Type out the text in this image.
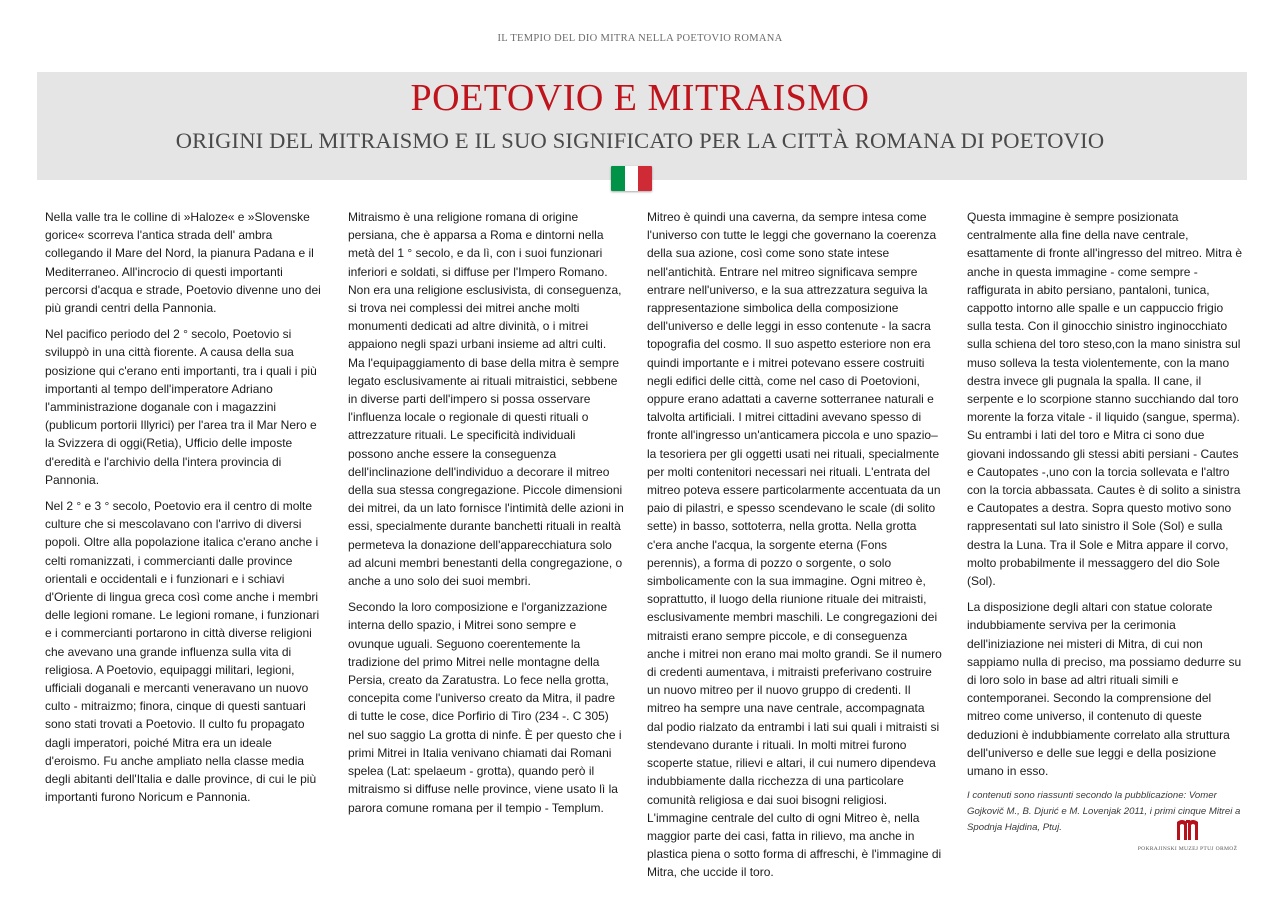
IL TEMPIO DEL DIO MITRA NELLA POETOVIO ROMANA
POETOVIO E MITRAISMO
ORIGINI DEL MITRAISMO E IL SUO SIGNIFICATO PER LA CITTÀ ROMANA DI POETOVIO

Nella valle tra le colline di »Haloze« e »Slovenske gorice« scorreva l'antica strada dell' ambra collegando il Mare del Nord, la pianura Padana e il Mediterraneo. All'incrocio di questi importanti percorsi d'acqua e strade, Poetovio divenne uno dei più grandi centri della Pannonia.

Nel pacifico periodo del 2 ° secolo, Poetovio si sviluppò in una città fiorente. A causa della sua posizione qui c'erano enti importanti, tra i quali i più importanti al tempo dell'imperatore Adriano l'amministrazione doganale con i magazzini (publicum portorii Illyrici) per l'area tra il Mar Nero e la Svizzera di oggi(Retia), Ufficio delle imposte d'eredità e l'archivio della l'intera provincia di Pannonia.

Nel 2 ° e 3 ° secolo, Poetovio era il centro di molte culture che si mescolavano con l'arrivo di diversi popoli. Oltre alla popolazione italica c'erano anche i celti romanizzati, i commercianti dalle province orientali e occidentali e i funzionari e i schiavi d'Oriente di lingua greca così come anche i membri delle legioni romane. Le legioni romane, i funzionari e i commercianti portarono in città diverse religioni che avevano una grande influenza sulla vita di religiosa. A Poetovio, equipaggi militari, legioni, ufficiali doganali e mercanti veneravano un nuovo culto - mitraizmo; finora, cinque di questi santuari sono stati trovati a Poetovio. Il culto fu propagato dagli imperatori, poiché Mitra era un ideale d'eroismo. Fu anche ampliato nella classe media degli abitanti dell'Italia e dalle province, di cui le più importanti furono Noricum e Pannonia.

Mitraismo è una religione romana di origine persiana, che è apparsa a Roma e dintorni nella metà del 1 ° secolo, e da lì, con i suoi funzionari inferiori e soldati, si diffuse per l'Impero Romano. Non era una religione esclusivista, di conseguenza, si trova nei complessi dei mitrei anche molti monumenti dedicati ad altre divinità, o i mitrei appaiono negli spazi urbani insieme ad altri culti. Ma l'equipaggiamento di base della mitra è sempre legato esclusivamente ai rituali mitraistici, sebbene in diverse parti dell'impero si possa osservare l'influenza locale o regionale di questi rituali o attrezzature rituali. Le specificità individuali possono anche essere la conseguenza dell'inclinazione dell'individuo a decorare il mitreo della sua stessa congregazione. Piccole dimensioni dei mitrei, da un lato fornisce l'intimità delle azioni in essi, specialmente durante banchetti rituali in realtà permeteva la donazione dell'apparecchiatura solo ad alcuni membri benestanti della congregazione, o anche a uno solo dei suoi membri.

Secondo la loro composizione e l'organizzazione interna dello spazio, i Mitrei sono sempre e ovunque uguali. Seguono coerentemente la tradizione del primo Mitrei nelle montagne della Persia, creato da Zaratustra. Lo fece nella grotta, concepita come l'universo creato da Mitra, il padre di tutte le cose, dice Porfirio di Tiro (234 -. C 305) nel suo saggio La grotta di ninfe. È per questo che i primi Mitrei in Italia venivano chiamati dai Romani spelea (Lat: spelaeum - grotta), quando però il mitraismo si diffuse nelle province, viene usato lì la parora comune romana per il tempio - Templum.

Mitreo è quindi una caverna, da sempre intesa come l'universo con tutte le leggi che governano la coerenza della sua azione, così come sono state intese nell'antichità. Entrare nel mitreo significava sempre entrare nell'universo, e la sua attrezzatura seguiva la rappresentazione simbolica della composizione dell'universo e delle leggi in esso contenute - la sacra topografia del cosmo. Il suo aspetto esteriore non era quindi importante e i mitrei potevano essere costruiti negli edifici delle città, come nel caso di Poetovioni, oppure erano adattati a caverne sotterranee naturali e talvolta artificiali. I mitrei cittadini avevano spesso di fronte all'ingresso un'anticamera piccola e uno spazio– la tesoriera per gli oggetti usati nei rituali, specialmente per molti contenitori necessari nei rituali. L'entrata del mitreo poteva essere particolarmente accentuata da un paio di pilastri, e spesso scendevano le scale (di solito sette) in basso, sottoterra, nella grotta. Nella grotta c'era anche l'acqua, la sorgente eterna (Fons perennis), a forma di pozzo o sorgente, o solo simbolicamente con la sua immagine. Ogni mitreo è, soprattutto, il luogo della riunione rituale dei mitraisti, esclusivamente membri maschili. Le congregazioni dei mitraisti erano sempre piccole, e di conseguenza anche i mitrei non erano mai molto grandi. Se il numero di credenti aumentava, i mitraisti preferivano costruire un nuovo mitreo per il nuovo gruppo di credenti. Il mitreo ha sempre una nave centrale, accompagnata dal podio rialzato da entrambi i lati sui quali i mitraisti si stendevano durante i rituali. In molti mitrei furono scoperte statue, rilievi e altari, il cui numero dipendeva indubbiamente dalla ricchezza di una particolare comunità religiosa e dai suoi bisogni religiosi. L'immagine centrale del culto di ogni Mitreo è, nella maggior parte dei casi, fatta in rilievo, ma anche in plastica piena o sotto forma di affreschi, è l'immagine di Mitra, che uccide il toro.

Questa immagine è sempre posizionata centralmente alla fine della nave centrale, esattamente di fronte all'ingresso del mitreo. Mitra è anche in questa immagine - come sempre - raffigurata in abito persiano, pantaloni, tunica, cappotto intorno alle spalle e un cappuccio frigio sulla testa. Con il ginocchio sinistro inginocchiato sulla schiena del toro steso,con la mano sinistra sul muso solleva la testa violentemente, con la mano destra invece gli pugnala la spalla. Il cane, il serpente e lo scorpione stanno succhiando dal toro morente la forza vitale - il liquido (sangue, sperma). Su entrambi i lati del toro e Mitra ci sono due giovani indossando gli stessi abiti persiani - Cautes e Cautopates -,uno con la torcia sollevata e l'altro con la torcia abbassata. Cautes è di solito a sinistra e Cautopates a destra. Sopra questo motivo sono rappresentati sul lato sinistro il Sole (Sol) e sulla destra la Luna. Tra il Sole e Mitra appare il corvo, molto probabilmente il messaggero del dio Sole (Sol).

La disposizione degli altari con statue colorate indubbiamente serviva per la cerimonia dell'iniziazione nei misteri di Mitra, di cui non sappiamo nulla di preciso, ma possiamo dedurre su di loro solo in base ad altri rituali simili e contemporanei. Secondo la comprensione del mitreo come universo, il contenuto di queste deduzioni è indubbiamente correlato alla struttura dell'universo e delle sue leggi e della posizione umano in esso.

I contenuti sono riassunti secondo la pubblicazione: Vomer Gojkovič M., B. Djurić e M. Lovenjak 2011, i primi cinque Mitrei a Spodnja Hajdina, Ptuj.

POKRAJINSKI MUZEJ PTUJ ORMOŽ
